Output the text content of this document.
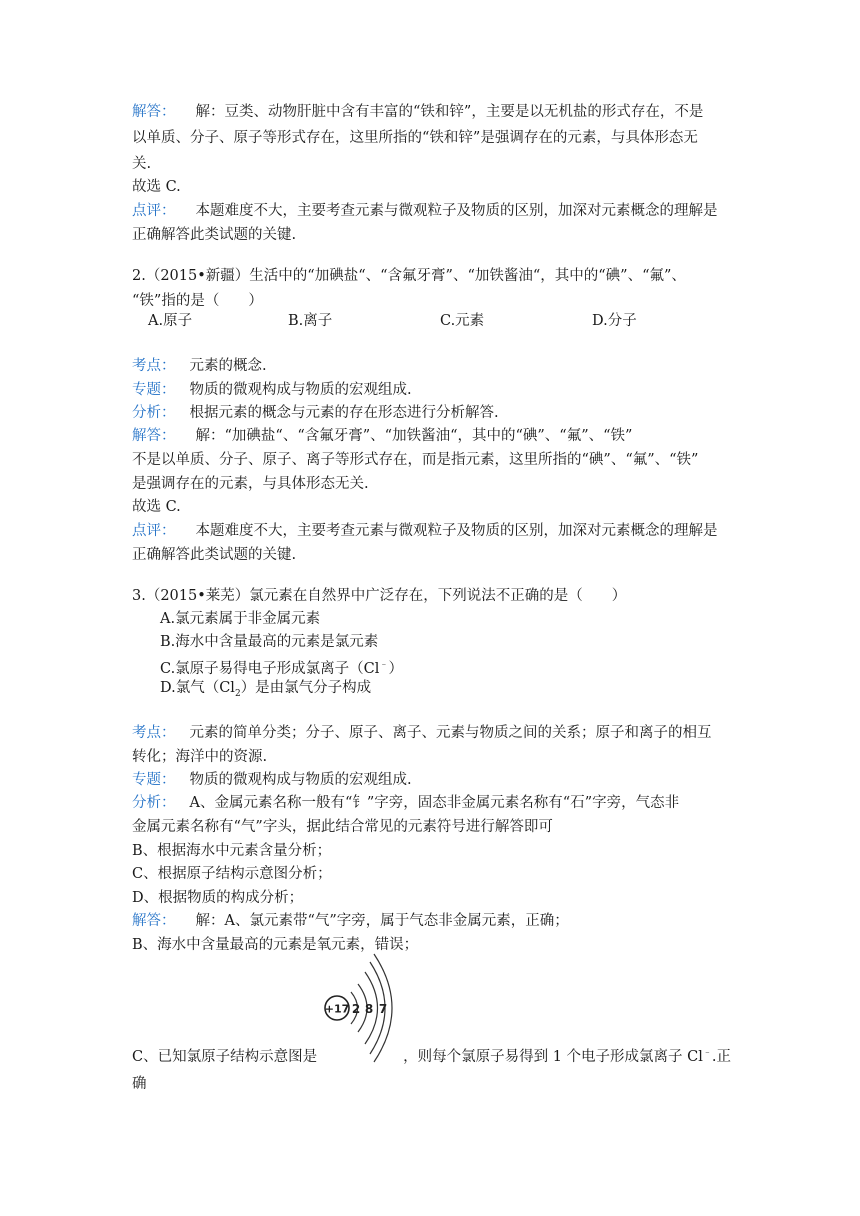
解答： 解：豆类、动物肝脏中含有丰富的“铁和锌”，主要是以无机盐的形式存在，不是
以单质、分子、原子等形式存在，这里所指的“铁和锌”是强调存在的元素，与具体形态无
关.
故选 C.
点评： 本题难度不大，主要考查元素与微观粒子及物质的区别，加深对元素概念的理解是
正确解答此类试题的关键.
2.（2015•新疆）生活中的“加碘盐“、“含氟牙膏”、“加铁酱油“，其中的“碘”、“氟”、
“铁”指的是（　　）
A.原子	B.离子	C.元素	D.分子
考点： 元素的概念.
专题： 物质的微观构成与物质的宏观组成.
分析： 根据元素的概念与元素的存在形态进行分析解答.
解答： 解：“加碘盐“、“含氟牙膏”、“加铁酱油“，其中的“碘”、“氟”、“铁”
不是以单质、分子、原子、离子等形式存在，而是指元素，这里所指的“碘”、“氟”、“铁”
是强调存在的元素，与具体形态无关.
故选 C.
点评： 本题难度不大，主要考查元素与微观粒子及物质的区别，加深对元素概念的理解是
正确解答此类试题的关键.
3.（2015•莱芜）氯元素在自然界中广泛存在，下列说法不正确的是（　　）
A.氯元素属于非金属元素
B.海水中含量最高的元素是氯元素
C.氯原子易得电子形成氯离子（Cl﹣）
D.氯气$(Cl_2)$是由氯气分子构成
考点： 元素的简单分类；分子、原子、离子、元素与物质之间的关系；原子和离子的相互
转化；海洋中的资源.
专题： 物质的微观构成与物质的宏观组成.
分析： A、金属元素名称一般有“钅”字旁，固态非金属元素名称有“石”字旁，气态非
金属元素名称有“气”字头，据此结合常见的元素符号进行解答即可
B、根据海水中元素含量分析；
C、根据原子结构示意图分析；
D、根据物质的构成分析；
解答： 解：A、氯元素带“气”字旁，属于气态非金属元素，正确；
B、海水中含量最高的元素是氧元素，错误；
+17 2 8 7
C、已知氯原子结构示意图是	，则每个氯原子易得到 1 个电子形成氯离子 Cl﹣.正
确
